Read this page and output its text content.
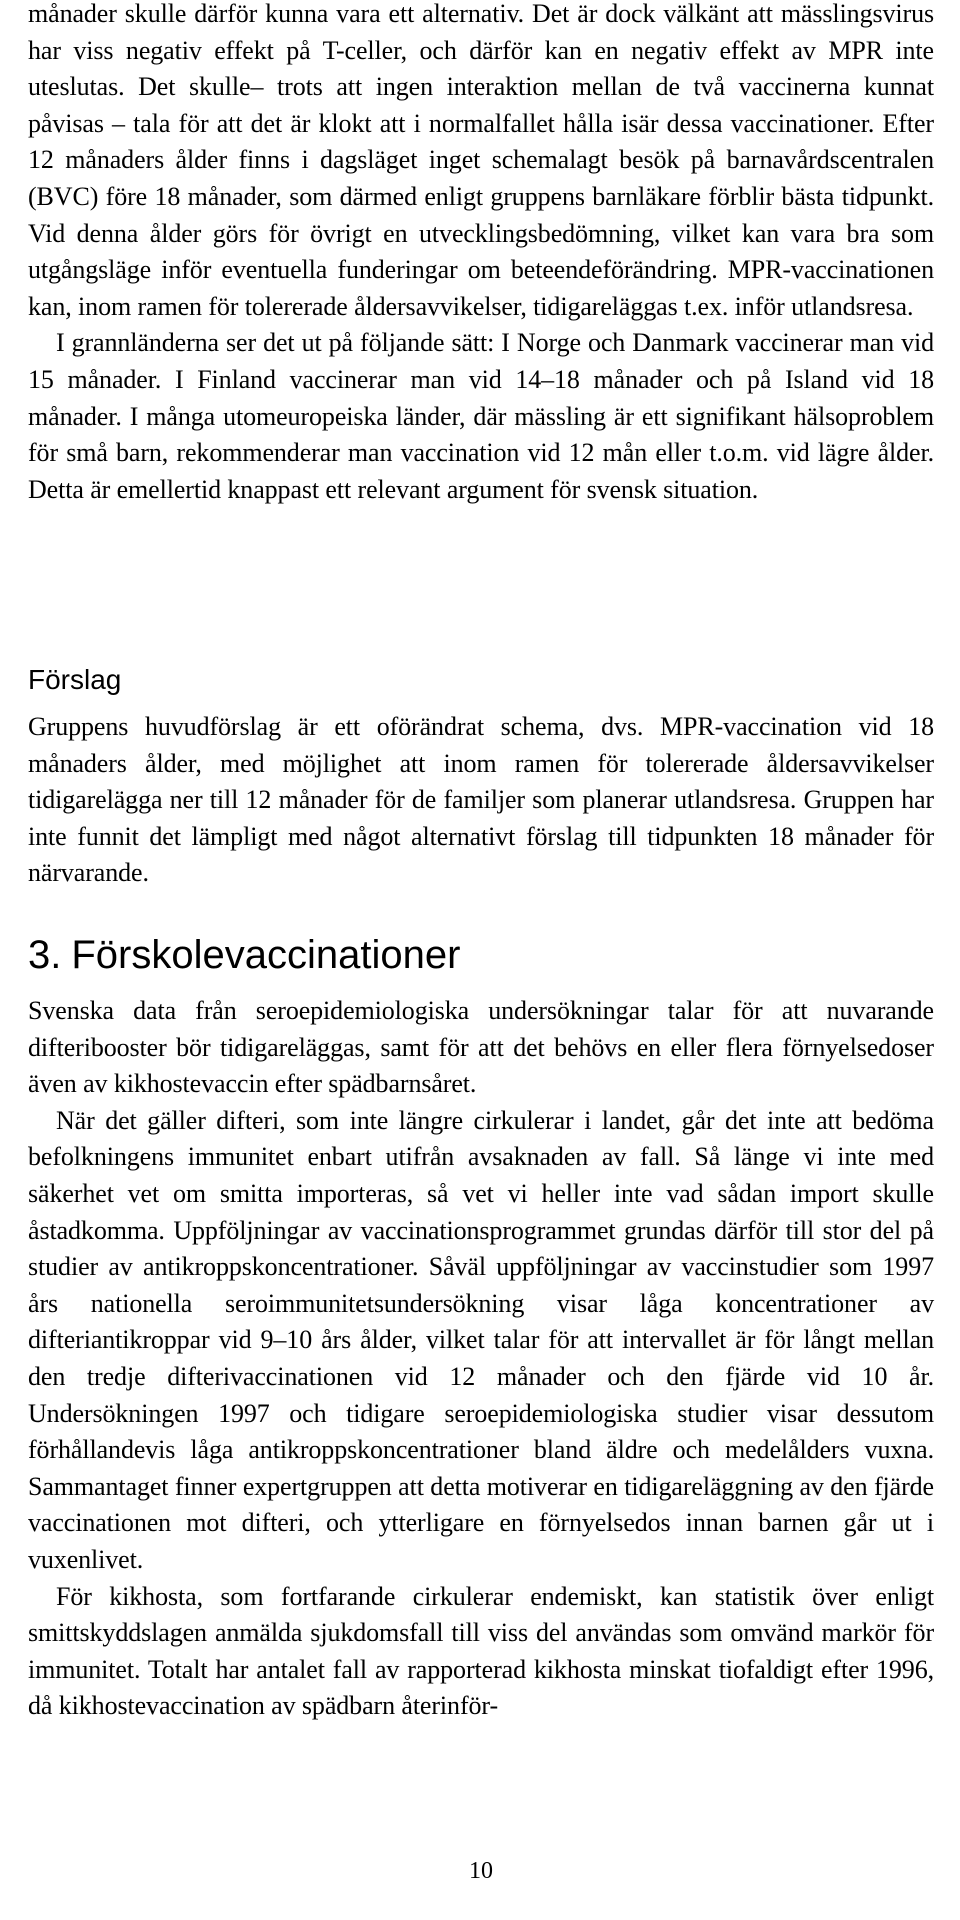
månader skulle därför kunna vara ett alternativ. Det är dock välkänt att mässlingsvirus har viss negativ effekt på T-celler, och därför kan en negativ effekt av MPR inte uteslutas. Det skulle– trots att ingen interaktion mellan de två vaccinerna kunnat påvisas – tala för att det är klokt att i normalfallet hålla isär dessa vaccinationer. Efter 12 månaders ålder finns i dagsläget inget schemalagt besök på barnavårdscentralen (BVC) före 18 månader, som därmed enligt gruppens barnläkare förblir bästa tidpunkt. Vid denna ålder görs för övrigt en utvecklingsbedömning, vilket kan vara bra som utgångsläge inför eventuella funderingar om beteendeförändring. MPR-vaccinationen kan, inom ramen för tolererade åldersavvikelser, tidigareläggas t.ex. inför utlandsresa.

I grannländerna ser det ut på följande sätt: I Norge och Danmark vaccinerar man vid 15 månader. I Finland vaccinerar man vid 14–18 månader och på Island vid 18 månader. I många utomeuropeiska länder, där mässling är ett signifikant hälsoproblem för små barn, rekommenderar man vaccination vid 12 mån eller t.o.m. vid lägre ålder. Detta är emellertid knappast ett relevant argument för svensk situation.

Förslag

Gruppens huvudförslag är ett oförändrat schema, dvs. MPR-vaccination vid 18 månaders ålder, med möjlighet att inom ramen för tolererade åldersavvikelser tidigarelägga ner till 12 månader för de familjer som planerar utlandsresa. Gruppen har inte funnit det lämpligt med något alternativt förslag till tidpunkten 18 månader för närvarande.

3. Förskolevaccinationer

Svenska data från seroepidemiologiska undersökningar talar för att nuvarande difteribooster bör tidigareläggas, samt för att det behövs en eller flera förnyelsedoser även av kikhostevaccin efter spädbarnsåret.

När det gäller difteri, som inte längre cirkulerar i landet, går det inte att bedöma befolkningens immunitet enbart utifrån avsaknaden av fall. Så länge vi inte med säkerhet vet om smitta importeras, så vet vi heller inte vad sådan import skulle åstadkomma. Uppföljningar av vaccinationsprogrammet grundas därför till stor del på studier av antikroppskoncentrationer. Såväl uppföljningar av vaccinstudier som 1997 års nationella seroimmunitetsundersökning visar låga koncentrationer av difteriantikroppar vid 9–10 års ålder, vilket talar för att intervallet är för långt mellan den tredje difterivaccinationen vid 12 månader och den fjärde vid 10 år. Undersökningen 1997 och tidigare seroepidemiologiska studier visar dessutom förhållandevis låga antikroppskoncentrationer bland äldre och medelålders vuxna. Sammantaget finner expertgruppen att detta motiverar en tidigareläggning av den fjärde vaccinationen mot difteri, och ytterligare en förnyelsedos innan barnen går ut i vuxenlivet.

För kikhosta, som fortfarande cirkulerar endemiskt, kan statistik över enligt smittskyddslagen anmälda sjukdomsfall till viss del användas som omvänd markör för immunitet. Totalt har antalet fall av rapporterad kikhosta minskat tiofaldigt efter 1996, då kikhostevaccination av spädbarn återinför-

10
